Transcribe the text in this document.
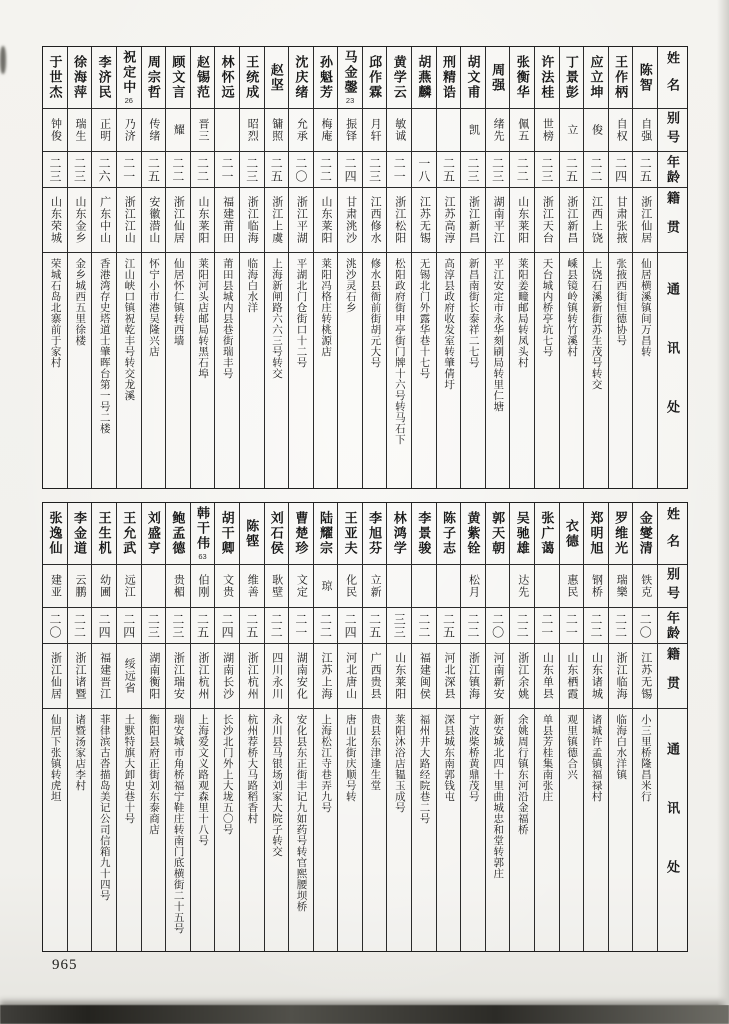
姓名
别号
年龄
籍贯
通讯处
陈智
自强
二五
浙江仙居
仙居横溪镇间万昌转
王作柄
自权
二四
甘肃张掖
张掖西街恒德协号
应立坤
俊
二二
江西上饶
上饶石溪新街苏生茂号转交
丁景彭
立
二五
浙江新昌
嵊县镜岭镇转竹溪村
许法桂
世榜
二三
浙江天台
天台城内桥亭坑七号
张衡华
佩五
二二
山东莱阳
莱阳姜疃邮局转凤头村
周强
绪先
二三
湖南平江
平江安定市永华刻刷局转里仁塘
胡文甫
凯
二三
浙江新昌
新昌南街长泰祥二七号
刑精诰
二五
江苏高淳
高淳县政府收发室转肇倩圩
胡燕麟
一八
江苏无锡
无锡北门外露华巷十七号
黄学云
敏诚
二一
浙江松阳
松阳政府街申亭街门牌十六号转马石下
邱作霖
月轩
二三
江西修水
修水县衙前街胡元大号
马金鏧
23
振铎
二四
甘肃洮沙
洮沙灵石乡
孙魁芳
梅庵
二二
山东莱阳
莱阳冯格庄转桃源店
沈庆绪
允承
二〇
浙江平湖
平湖北门仓街口十二号
赵坚
镛照
二五
浙江上虞
上海新闸路六六三号转交
王统成
昭烈
二三
浙江临海
临海白水洋
林怀远
二一
福建莆田
莆田县城内县巷街瑞丰号
赵锡范
晋三
二二
山东莱阳
莱阳河头店邮局转黑石埠
顾文言
耀
二二
浙江仙居
仙居怀仁镇转西墙
周宗哲
传绪
二五
安徽潜山
怀宁小市港吴隆兴店
祝定中
26
乃济
二一
浙江江山
江山峡口镇祝乾丰号转交龙溪
李济民
正明
二六
广东中山
香港湾存史塔道士肇晖台第一号二楼
徐海萍
瑞生
二三
山东金乡
金乡城西五里徐楼
于世杰
钟俊
二三
山东荣城
荣城石岛北寨前于家村
姓名
别号
年龄
籍贯
通讯处
金燮清
铁克
二〇
江苏无锡
小三里桥隆昌米行
罗维光
瑞樂
二二
浙江临海
临海白水洋镇
郑明旭
钢桥
二二
山东诸城
诸城许孟镇福禄村
衣德
惠民
二一
山东栖霞
观里镇德合兴
张广蔼
二一
山东单县
单县芳桂集南张庄
吴驰雄
达先
二二
浙江余姚
余姚周行镇东河沿金福桥
郭天朝
二〇
河南新安
新安城北四十里曲城忠和堂转郭庄
黄紫铨
松月
二二
浙江镇海
宁波柴桥黄鼎茂号
陈子志
二五
河北深县
深县城东南郭钱屯
李景骏
二二
福建闽侯
福州井大路经院巷二号
林鸿学
三三
山东莱阳
莱阳沐浴店韫玉成号
李旭芬
立新
二五
广西贵县
贵县东津逢生堂
王亚夫
化民
二四
河北唐山
唐山北街庆顺号转
陆耀宗
琼
二二
江苏上海
上海松江寺巷弄九号
曹楚珍
文定
二一
湖南安化
安化县东正街丰记九如药号转官熙腰坝桥
刘石侯
耿壁
二二
四川永川
永川县马银场刘家大院子转交
陈铿
维善
二五
浙江杭州
杭州荐桥大马路稻香村
胡干卿
文贵
二四
湖南长沙
长沙北门外上大垅五〇号
韩干伟
63
伯刚
二五
浙江杭州
上海爱文义路观森里十八号
鲍孟德
贵楣
二三
浙江瑞安
瑞安城市角桥福宁鞋庄转南门底横街二十五号
刘盛亨
二三
湖南衡阳
衡阳县府正街刘东泰商店
王允武
远江
二四
绥远省
土默特旗大卸史巷十号
王生机
幼圃
二四
福建晋江
菲律滨古沓描岛美记公司信箱九十四号
李金道
云鹏
二二
浙江诸暨
诸暨汤家店李村
张逸仙
建亚
二〇
浙江仙居
仙居下张镇转虎坦
965
